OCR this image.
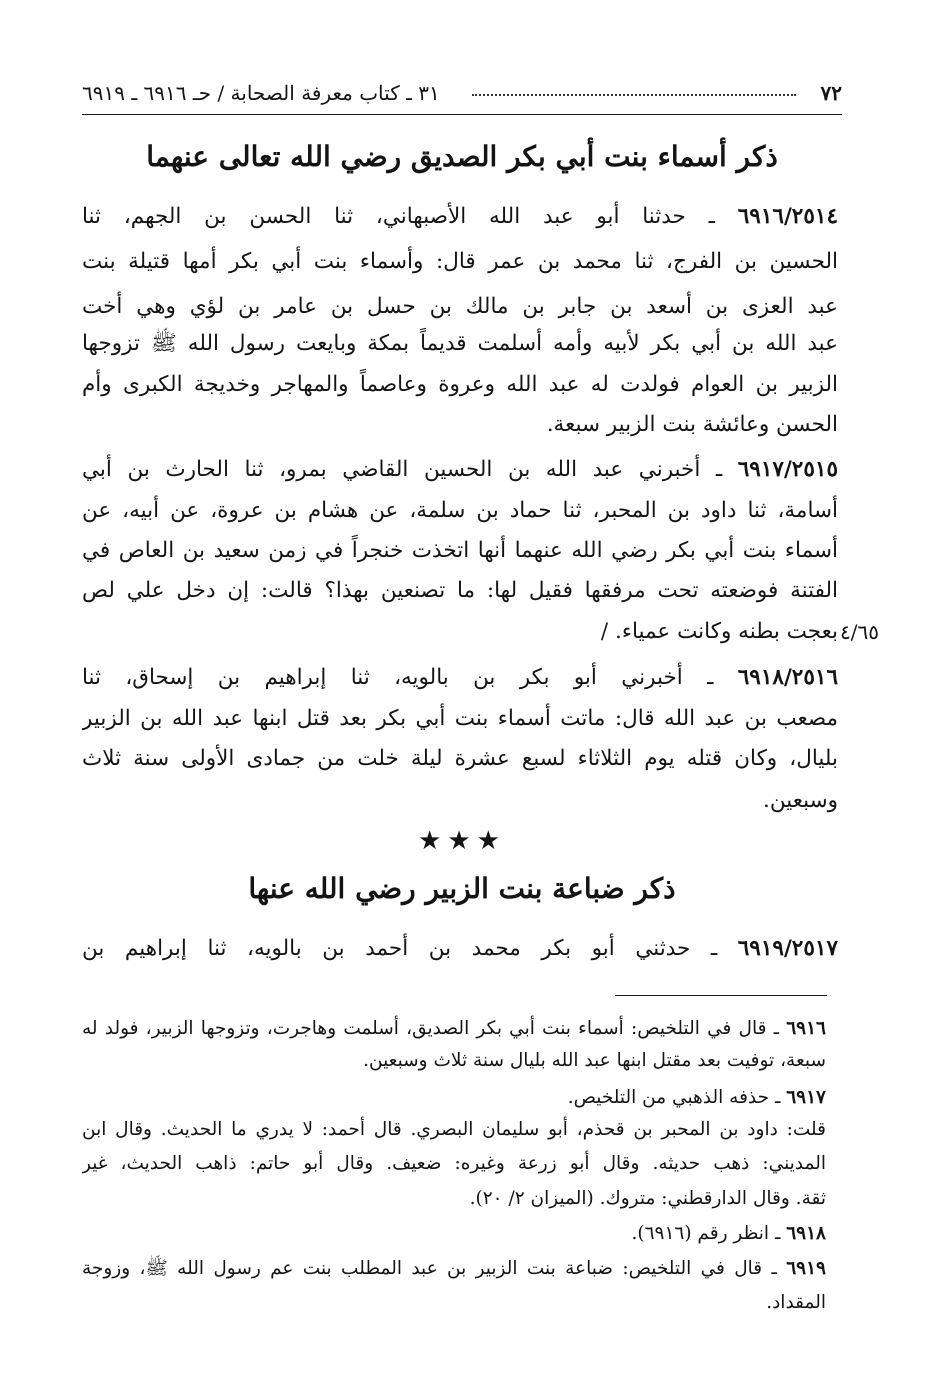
٧٢
٣١ ـ كتاب معرفة الصحابة / حـ ٦٩١٦ ـ ٦٩١٩
ذكر أسماء بنت أبي بكر الصديق رضي الله تعالى عنهما
٦٩١٦/٢٥١٤ ـ حدثنا أبو عبد الله الأصبهاني، ثنا الحسن بن الجهم، ثنا
الحسين بن الفرج، ثنا محمد بن عمر قال: وأسماء بنت أبي بكر أمها قتيلة بنت
عبد العزى بن أسعد بن جابر بن مالك بن حسل بن عامر بن لؤي وهي أخت
عبد الله بن أبي بكر لأبيه وأمه أسلمت قديماً بمكة وبايعت رسول الله ﷺ تزوجها
الزبير بن العوام فولدت له عبد الله وعروة وعاصماً والمهاجر وخديجة الكبرى وأم
الحسن وعائشة بنت الزبير سبعة.
٦٩١٧/٢٥١٥ ـ أخبرني عبد الله بن الحسين القاضي بمرو، ثنا الحارث بن أبي
أسامة، ثنا داود بن المحبر، ثنا حماد بن سلمة، عن هشام بن عروة، عن أبيه، عن
أسماء بنت أبي بكر رضي الله عنهما أنها اتخذت خنجراً في زمن سعيد بن العاص في
الفتنة فوضعته تحت مرفقها فقيل لها: ما تصنعين بهذا؟ قالت: إن دخل علي لص
بعجت بطنه وكانت عمياء. / ٤/٦٥
٦٩١٨/٢٥١٦ ـ أخبرني أبو بكر بن بالويه، ثنا إبراهيم بن إسحاق، ثنا
مصعب بن عبد الله قال: ماتت أسماء بنت أبي بكر بعد قتل ابنها عبد الله بن الزبير
بليال، وكان قتله يوم الثلاثاء لسبع عشرة ليلة خلت من جمادى الأولى سنة ثلاث
وسبعين.
★★★
ذكر ضباعة بنت الزبير رضي الله عنها
٦٩١٩/٢٥١٧ ـ حدثني أبو بكر محمد بن أحمد بن بالويه، ثنا إبراهيم بن
٦٩١٦ ـ قال في التلخيص: أسماء بنت أبي بكر الصديق، أسلمت وهاجرت، وتزوجها الزبير، فولد له
سبعة، توفيت بعد مقتل ابنها عبد الله بليال سنة ثلاث وسبعين.
٦٩١٧ ـ حذفه الذهبي من التلخيص.
قلت: داود بن المحبر بن قحذم، أبو سليمان البصري. قال أحمد: لا يدري ما الحديث. وقال ابن
المديني: ذهب حديثه. وقال أبو زرعة وغيره: ضعيف. وقال أبو حاتم: ذاهب الحديث، غير
ثقة. وقال الدارقطني: متروك. (الميزان ٢/ ٢٠).
٦٩١٨ ـ انظر رقم (٦٩١٦).
٦٩١٩ ـ قال في التلخيص: ضباعة بنت الزبير بن عبد المطلب بنت عم رسول الله ﷺ، وزوجة
المقداد.
